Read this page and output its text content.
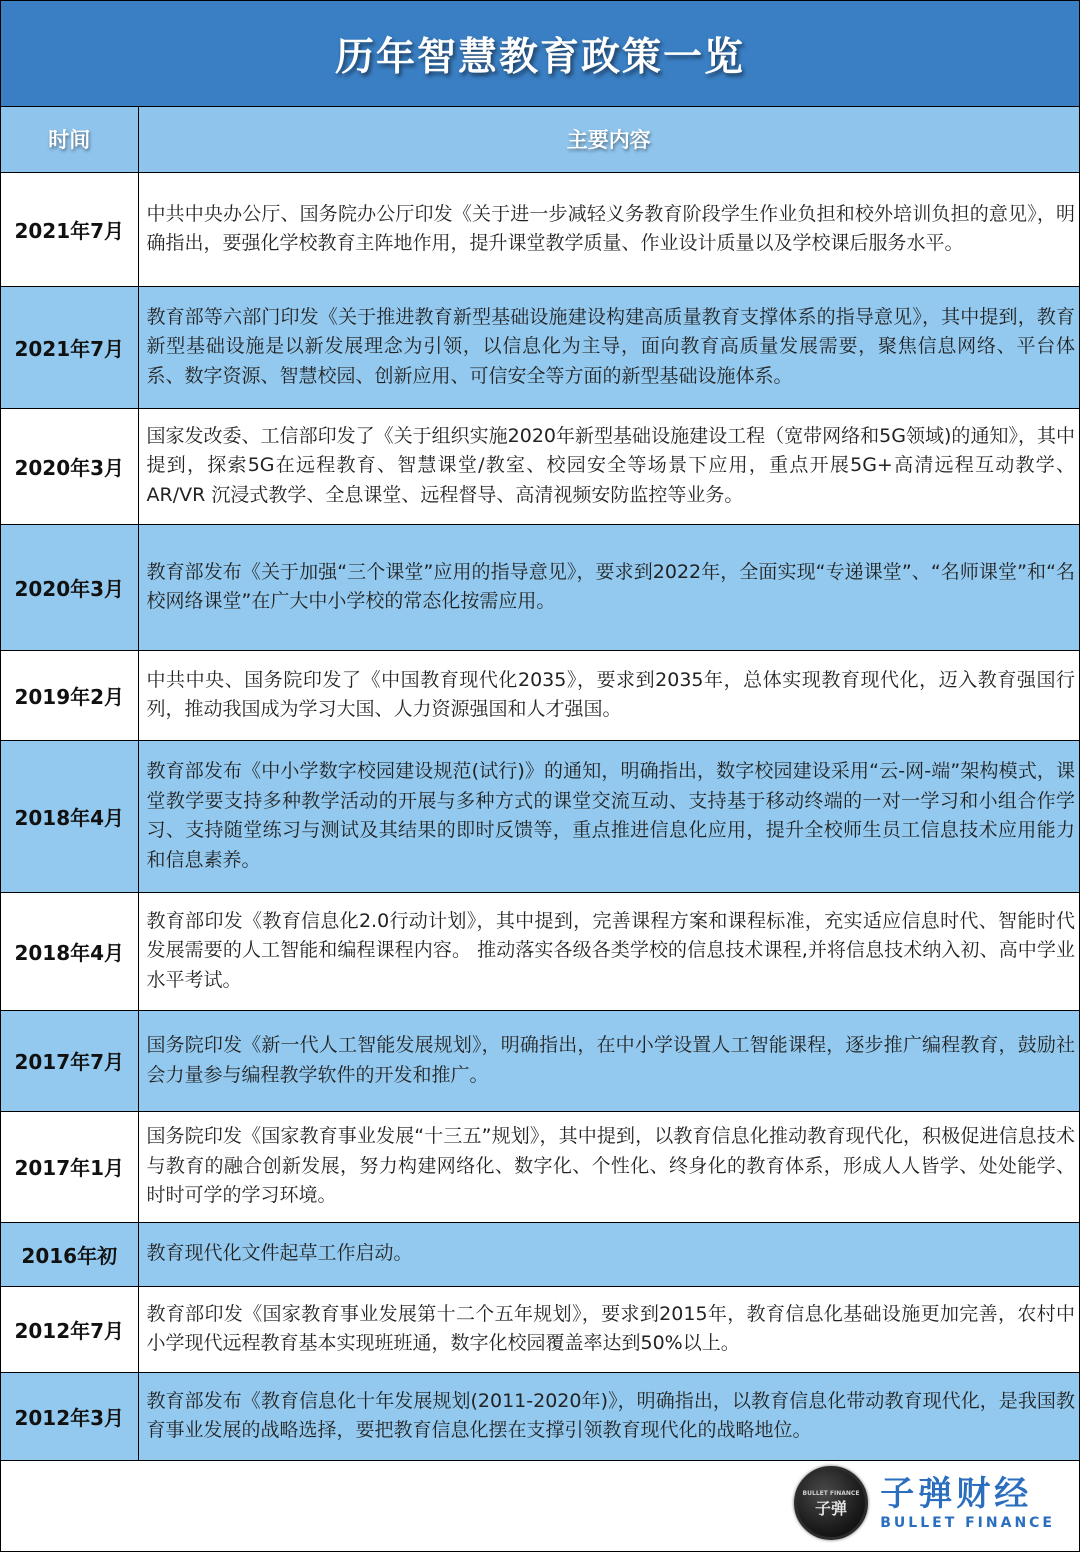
历年智慧教育政策一览
时间	主要内容
2021年7月	中共中央办公厅、国务院办公厅印发《关于进一步减轻义务教育阶段学生作业负担和校外培训负担的意见》，明确指出，要强化学校教育主阵地作用，提升课堂教学质量、作业设计质量以及学校课后服务水平。
2021年7月	教育部等六部门印发《关于推进教育新型基础设施建设构建高质量教育支撑体系的指导意见》，其中提到，教育新型基础设施是以新发展理念为引领，以信息化为主导，面向教育高质量发展需要，聚焦信息网络、平台体系、数字资源、智慧校园、创新应用、可信安全等方面的新型基础设施体系。
2020年3月	国家发改委、工信部印发了《关于组织实施2020年新型基础设施建设工程（宽带网络和5G领域)的通知》，其中提到，探索5G在远程教育、智慧课堂/教室、校园安全等场景下应用，重点开展5G+高清远程互动教学、AR/VR 沉浸式教学、全息课堂、远程督导、高清视频安防监控等业务。
2020年3月	教育部发布《关于加强“三个课堂”应用的指导意见》，要求到2022年，全面实现“专递课堂”、“名师课堂”和“名校网络课堂”在广大中小学校的常态化按需应用。
2019年2月	中共中央、国务院印发了《中国教育现代化2035》，要求到2035年，总体实现教育现代化，迈入教育强国行列，推动我国成为学习大国、人力资源强国和人才强国。
2018年4月	教育部发布《中小学数字校园建设规范(试行)》的通知，明确指出，数字校园建设采用“云-网-端”架构模式，课堂教学要支持多种教学活动的开展与多种方式的课堂交流互动、支持基于移动终端的一对一学习和小组合作学习、支持随堂练习与测试及其结果的即时反馈等，重点推进信息化应用，提升全校师生员工信息技术应用能力和信息素养。
2018年4月	教育部印发《教育信息化2.0行动计划》，其中提到，完善课程方案和课程标准，充实适应信息时代、智能时代发展需要的人工智能和编程课程内容。 推动落实各级各类学校的信息技术课程,并将信息技术纳入初、高中学业水平考试。
2017年7月	国务院印发《新一代人工智能发展规划》，明确指出，在中小学设置人工智能课程，逐步推广编程教育，鼓励社会力量参与编程教学软件的开发和推广。
2017年1月	国务院印发《国家教育事业发展“十三五”规划》，其中提到，以教育信息化推动教育现代化，积极促进信息技术与教育的融合创新发展，努力构建网络化、数字化、个性化、终身化的教育体系，形成人人皆学、处处能学、时时可学的学习环境。
2016年初	教育现代化文件起草工作启动。
2012年7月	教育部印发《国家教育事业发展第十二个五年规划》，要求到2015年，教育信息化基础设施更加完善，农村中小学现代远程教育基本实现班班通，数字化校园覆盖率达到50%以上。
2012年3月	教育部发布《教育信息化十年发展规划(2011-2020年)》，明确指出，以教育信息化带动教育现代化，是我国教育事业发展的战略选择，要把教育信息化摆在支撑引领教育现代化的战略地位。
BULLET FINANCE
子弹 子弹财经
BULLET FINANCE
